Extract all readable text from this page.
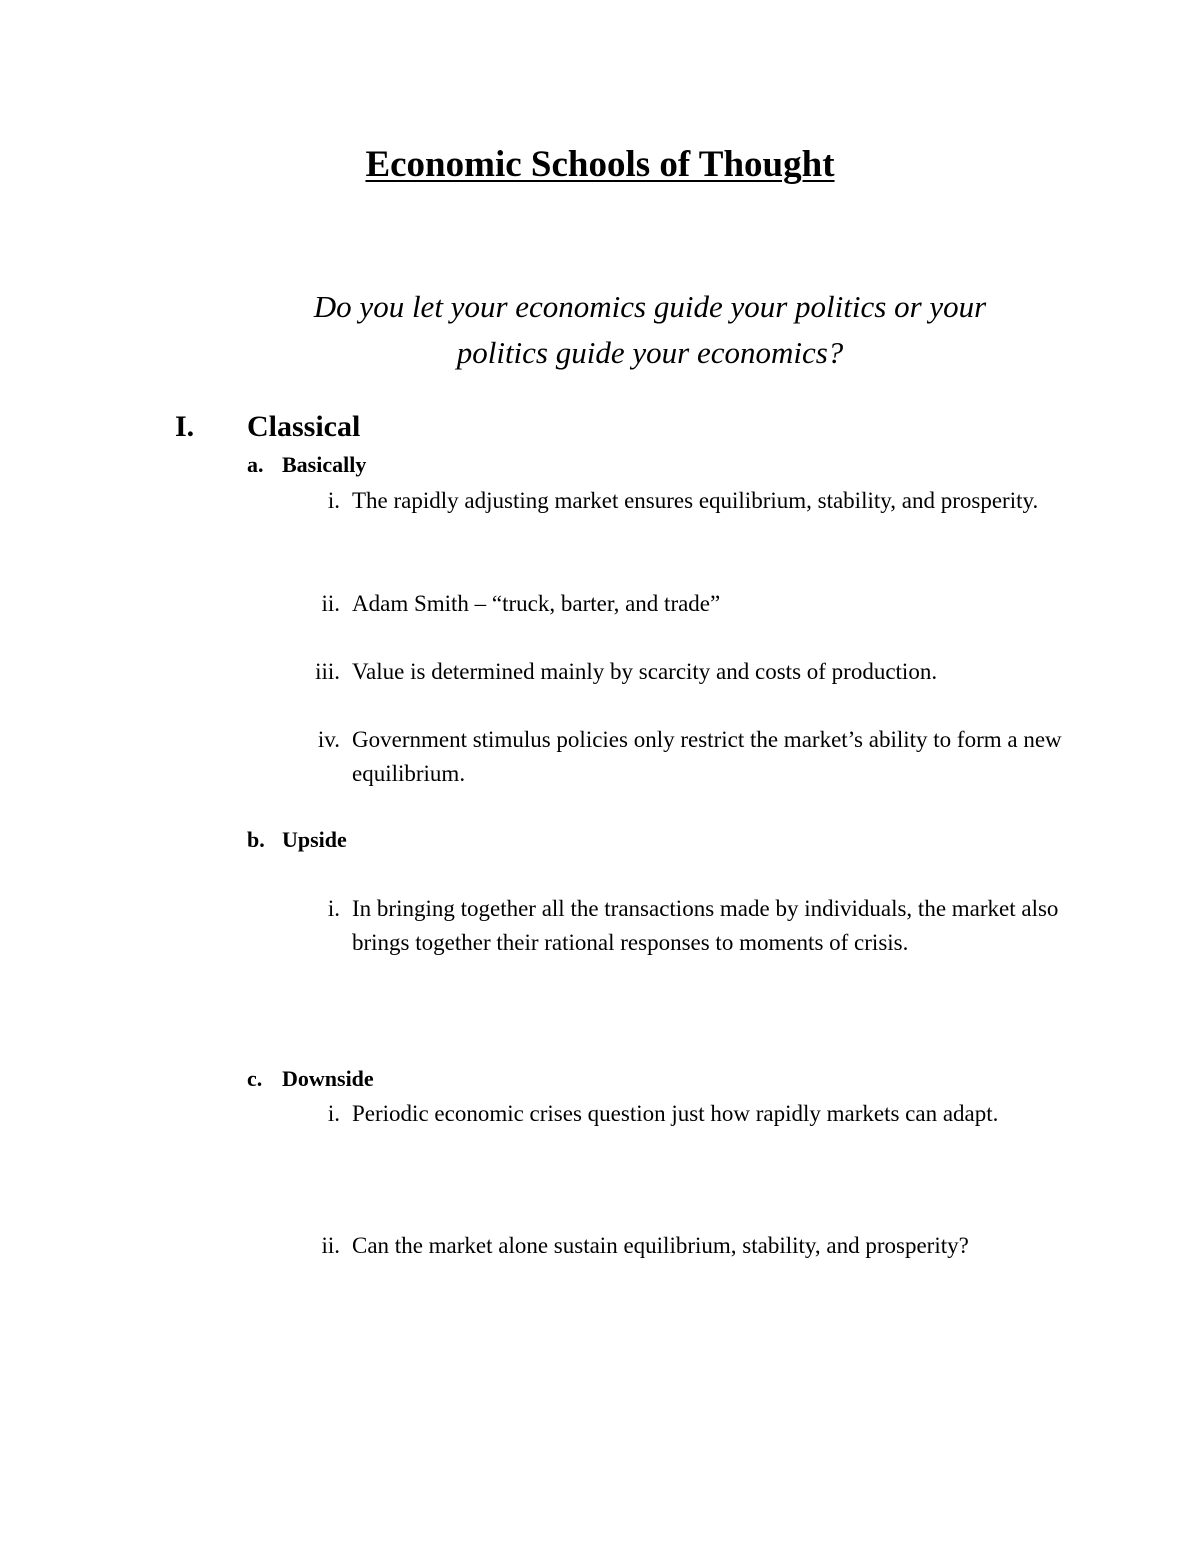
Economic Schools of Thought

Do you let your economics guide your politics or your politics guide your economics?

I. Classical
a. Basically
i. The rapidly adjusting market ensures equilibrium, stability, and prosperity.
ii. Adam Smith – “truck, barter, and trade”
iii. Value is determined mainly by scarcity and costs of production.
iv. Government stimulus policies only restrict the market’s ability to form a new equilibrium.
b. Upside
i. In bringing together all the transactions made by individuals, the market also brings together their rational responses to moments of crisis.
c. Downside
i. Periodic economic crises question just how rapidly markets can adapt.
ii. Can the market alone sustain equilibrium, stability, and prosperity?
